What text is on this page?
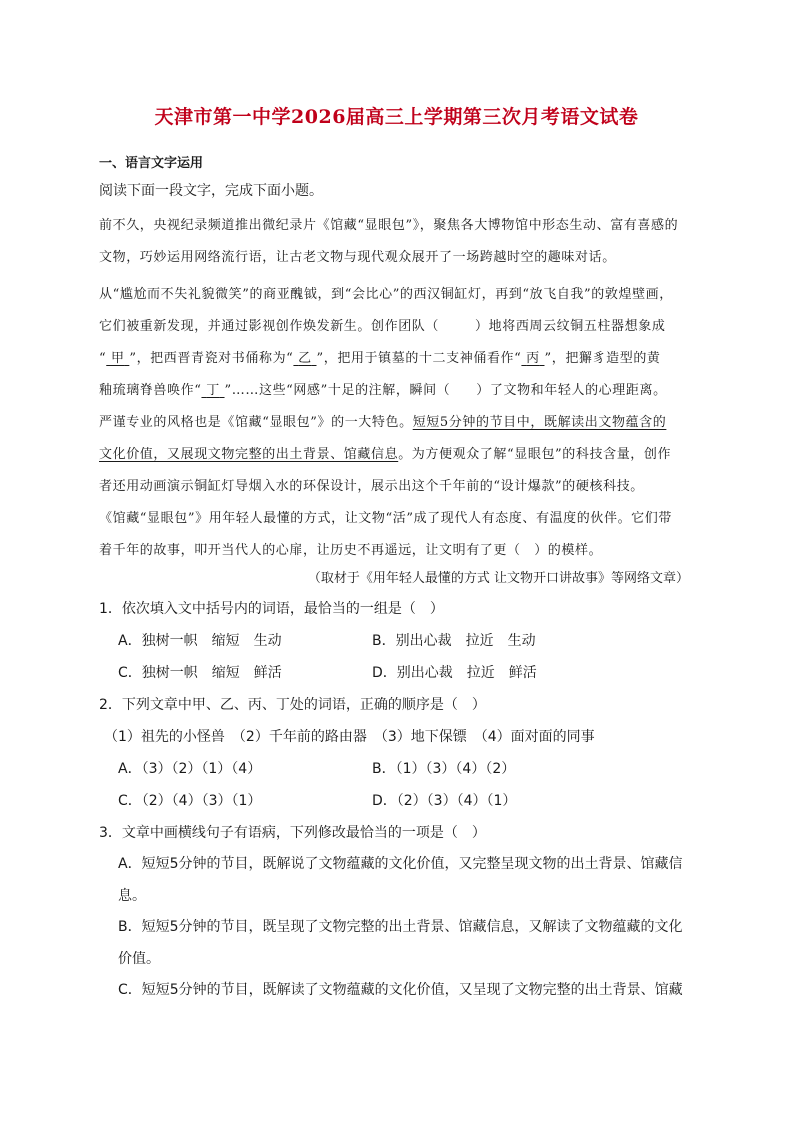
天津市第一中学2026届高三上学期第三次月考语文试卷
一、语言文字运用
阅读下面一段文字，完成下面小题。
前不久，央视纪录频道推出微纪录片《馆藏“显眼包”》，聚焦各大博物馆中形态生动、富有喜感的
文物，巧妙运用网络流行语，让古老文物与现代观众展开了一场跨越时空的趣味对话。
从“尴尬而不失礼貌微笑”的商亚醜钺，到“会比心”的西汉铜缸灯，再到“放飞自我”的敦煌壁画，
它们被重新发现，并通过影视创作焕发新生。创作团队（	）地将西周云纹铜五柱器想象成
“ 甲 ”，把西晋青瓷对书俑称为“ 乙 ”，把用于镇墓的十二支神俑看作“ 丙 ”，把獬豸造型的黄
釉琉璃脊兽唤作“ 丁 ”……这些“网感”十足的注解，瞬间（ ）了文物和年轻人的心理距离。
严谨专业的风格也是《馆藏“显眼包”》的一大特色。短短5分钟的节目中，既解读出文物蕴含的
文化价值，又展现文物完整的出土背景、馆藏信息。为方便观众了解“显眼包”的科技含量，创作
者还用动画演示铜缸灯导烟入水的环保设计，展示出这个千年前的“设计爆款”的硬核科技。
《馆藏“显眼包”》用年轻人最懂的方式，让文物“活”成了现代人有态度、有温度的伙伴。它们带
着千年的故事，叩开当代人的心扉，让历史不再遥远，让文明有了更（　）的模样。
（取材于《用年轻人最懂的方式 让文物开口讲故事》等网络文章）
1．依次填入文中括号内的词语，最恰当的一组是（　）
A．独树一帜　缩短　生动	B．别出心裁　拉近　生动
C．独树一帜　缩短　鲜活	D．别出心裁　拉近　鲜活
2．下列文章中甲、乙、丙、丁处的词语，正确的顺序是（　）
（1）祖先的小怪兽　（2）千年前的路由器　（3）地下保镖　（4）面对面的同事
A．（3）（2）（1）（4）	B．（1）（3）（4）（2）
C．（2）（4）（3）（1）	D．（2）（3）（4）（1）
3．文章中画横线句子有语病，下列修改最恰当的一项是（　）
A．短短5分钟的节目，既解说了文物蕴藏的文化价值，又完整呈现文物的出土背景、馆藏信
息。
B．短短5分钟的节目，既呈现了文物完整的出土背景、馆藏信息，又解读了文物蕴藏的文化
价值。
C．短短5分钟的节目，既解读了文物蕴藏的文化价值，又呈现了文物完整的出土背景、馆藏
